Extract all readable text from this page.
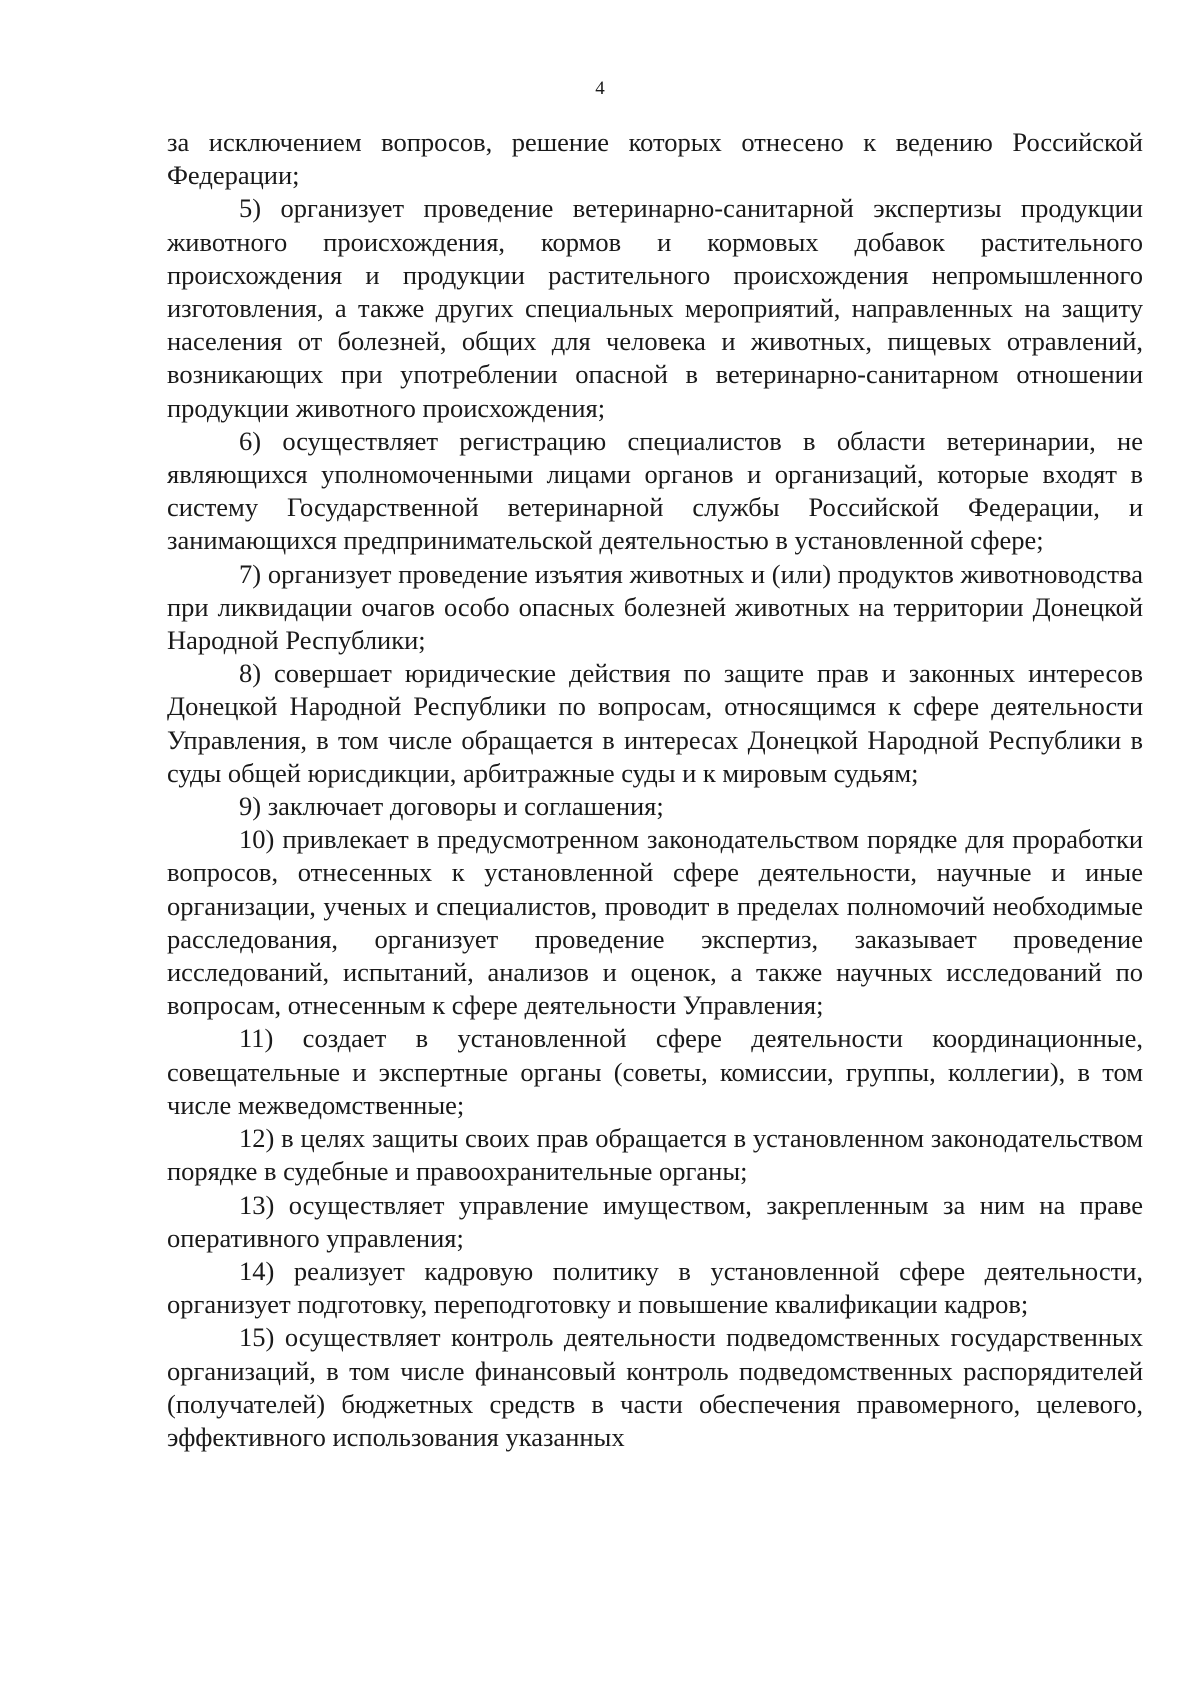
4

за исключением вопросов, решение которых отнесено к ведению Российской Федерации;

5) организует проведение ветеринарно-санитарной экспертизы продукции животного происхождения, кормов и кормовых добавок растительного происхождения и продукции растительного происхождения непромышленного изготовления, а также других специальных мероприятий, направленных на защиту населения от болезней, общих для человека и животных, пищевых отравлений, возникающих при употреблении опасной в ветеринарно-санитарном отношении продукции животного происхождения;

6) осуществляет регистрацию специалистов в области ветеринарии, не являющихся уполномоченными лицами органов и организаций, которые входят в систему Государственной ветеринарной службы Российской Федерации, и занимающихся предпринимательской деятельностью в установленной сфере;

7) организует проведение изъятия животных и (или) продуктов животноводства при ликвидации очагов особо опасных болезней животных на территории Донецкой Народной Республики;

8) совершает юридические действия по защите прав и законных интересов Донецкой Народной Республики по вопросам, относящимся к сфере деятельности Управления, в том числе обращается в интересах Донецкой Народной Республики в суды общей юрисдикции, арбитражные суды и к мировым судьям;

9) заключает договоры и соглашения;

10) привлекает в предусмотренном законодательством порядке для проработки вопросов, отнесенных к установленной сфере деятельности, научные и иные организации, ученых и специалистов, проводит в пределах полномочий необходимые расследования, организует проведение экспертиз, заказывает проведение исследований, испытаний, анализов и оценок, а также научных исследований по вопросам, отнесенным к сфере деятельности Управления;

11) создает в установленной сфере деятельности координационные, совещательные и экспертные органы (советы, комиссии, группы, коллегии), в том числе межведомственные;

12) в целях защиты своих прав обращается в установленном законодательством порядке в судебные и правоохранительные органы;

13) осуществляет управление имуществом, закрепленным за ним на праве оперативного управления;

14) реализует кадровую политику в установленной сфере деятельности, организует подготовку, переподготовку и повышение квалификации кадров;

15) осуществляет контроль деятельности подведомственных государственных организаций, в том числе финансовый контроль подведомственных распорядителей (получателей) бюджетных средств в части обеспечения правомерного, целевого, эффективного использования указанных
